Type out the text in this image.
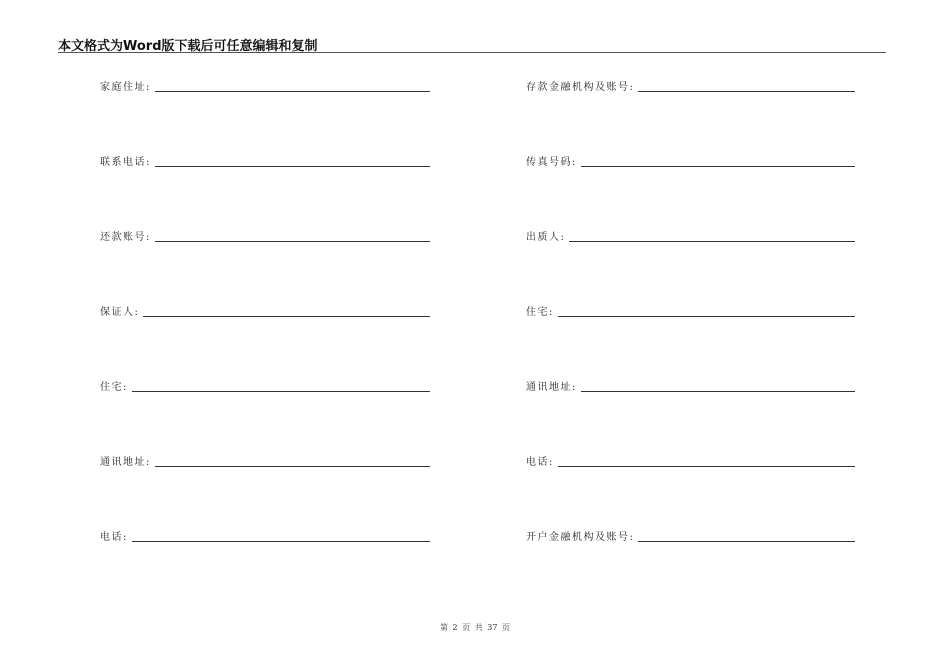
本文格式为Word版下载后可任意编辑和复制
家庭住址:
联系电话:
还款账号:
保证人:
住宅:
通讯地址:
电话:
存款金融机构及账号:
传真号码:
出质人:
住宅:
通讯地址:
电话:
开户金融机构及账号:
第 2 页 共 37 页
